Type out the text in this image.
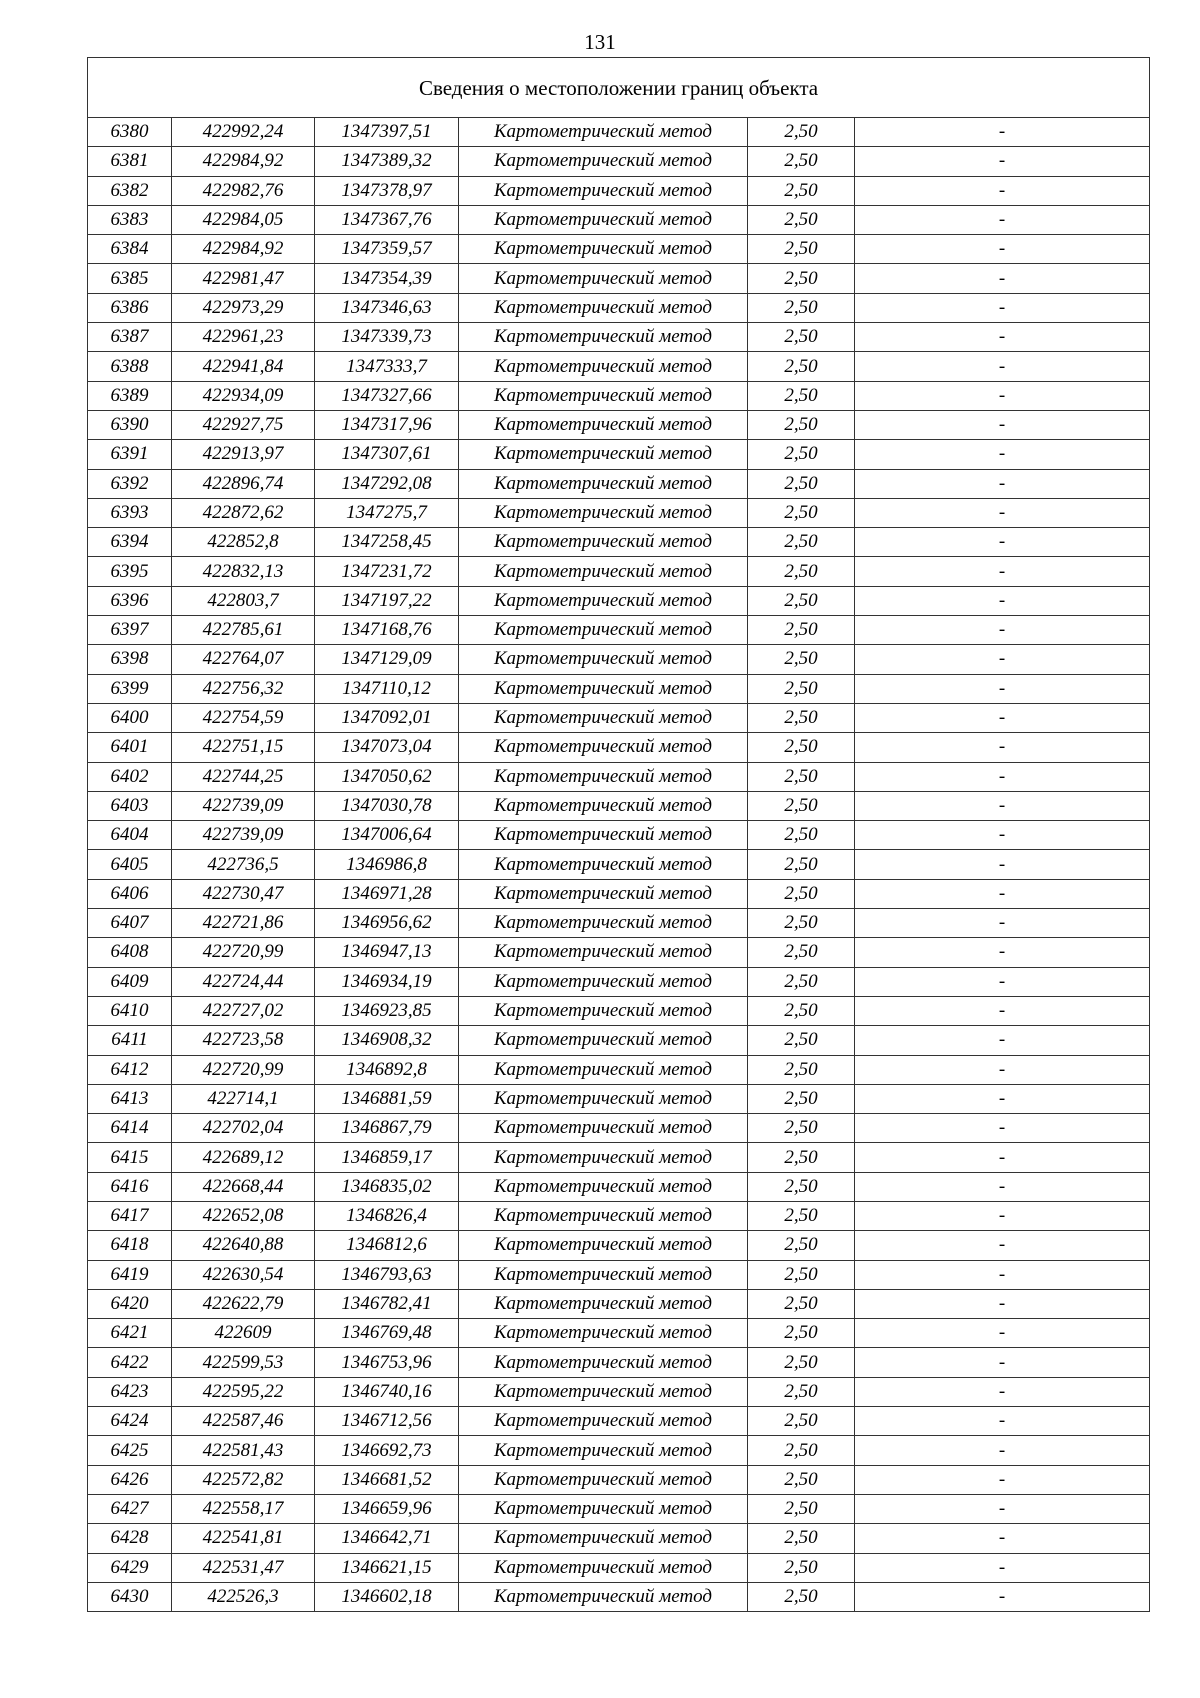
131
Сведения о местоположении границ объекта					
6380	422992,24	1347397,51	Картометрический метод	2,50	-
6381	422984,92	1347389,32	Картометрический метод	2,50	-
6382	422982,76	1347378,97	Картометрический метод	2,50	-
6383	422984,05	1347367,76	Картометрический метод	2,50	-
6384	422984,92	1347359,57	Картометрический метод	2,50	-
6385	422981,47	1347354,39	Картометрический метод	2,50	-
6386	422973,29	1347346,63	Картометрический метод	2,50	-
6387	422961,23	1347339,73	Картометрический метод	2,50	-
6388	422941,84	1347333,7	Картометрический метод	2,50	-
6389	422934,09	1347327,66	Картометрический метод	2,50	-
6390	422927,75	1347317,96	Картометрический метод	2,50	-
6391	422913,97	1347307,61	Картометрический метод	2,50	-
6392	422896,74	1347292,08	Картометрический метод	2,50	-
6393	422872,62	1347275,7	Картометрический метод	2,50	-
6394	422852,8	1347258,45	Картометрический метод	2,50	-
6395	422832,13	1347231,72	Картометрический метод	2,50	-
6396	422803,7	1347197,22	Картометрический метод	2,50	-
6397	422785,61	1347168,76	Картометрический метод	2,50	-
6398	422764,07	1347129,09	Картометрический метод	2,50	-
6399	422756,32	1347110,12	Картометрический метод	2,50	-
6400	422754,59	1347092,01	Картометрический метод	2,50	-
6401	422751,15	1347073,04	Картометрический метод	2,50	-
6402	422744,25	1347050,62	Картометрический метод	2,50	-
6403	422739,09	1347030,78	Картометрический метод	2,50	-
6404	422739,09	1347006,64	Картометрический метод	2,50	-
6405	422736,5	1346986,8	Картометрический метод	2,50	-
6406	422730,47	1346971,28	Картометрический метод	2,50	-
6407	422721,86	1346956,62	Картометрический метод	2,50	-
6408	422720,99	1346947,13	Картометрический метод	2,50	-
6409	422724,44	1346934,19	Картометрический метод	2,50	-
6410	422727,02	1346923,85	Картометрический метод	2,50	-
6411	422723,58	1346908,32	Картометрический метод	2,50	-
6412	422720,99	1346892,8	Картометрический метод	2,50	-
6413	422714,1	1346881,59	Картометрический метод	2,50	-
6414	422702,04	1346867,79	Картометрический метод	2,50	-
6415	422689,12	1346859,17	Картометрический метод	2,50	-
6416	422668,44	1346835,02	Картометрический метод	2,50	-
6417	422652,08	1346826,4	Картометрический метод	2,50	-
6418	422640,88	1346812,6	Картометрический метод	2,50	-
6419	422630,54	1346793,63	Картометрический метод	2,50	-
6420	422622,79	1346782,41	Картометрический метод	2,50	-
6421	422609	1346769,48	Картометрический метод	2,50	-
6422	422599,53	1346753,96	Картометрический метод	2,50	-
6423	422595,22	1346740,16	Картометрический метод	2,50	-
6424	422587,46	1346712,56	Картометрический метод	2,50	-
6425	422581,43	1346692,73	Картометрический метод	2,50	-
6426	422572,82	1346681,52	Картометрический метод	2,50	-
6427	422558,17	1346659,96	Картометрический метод	2,50	-
6428	422541,81	1346642,71	Картометрический метод	2,50	-
6429	422531,47	1346621,15	Картометрический метод	2,50	-
6430	422526,3	1346602,18	Картометрический метод	2,50	-
